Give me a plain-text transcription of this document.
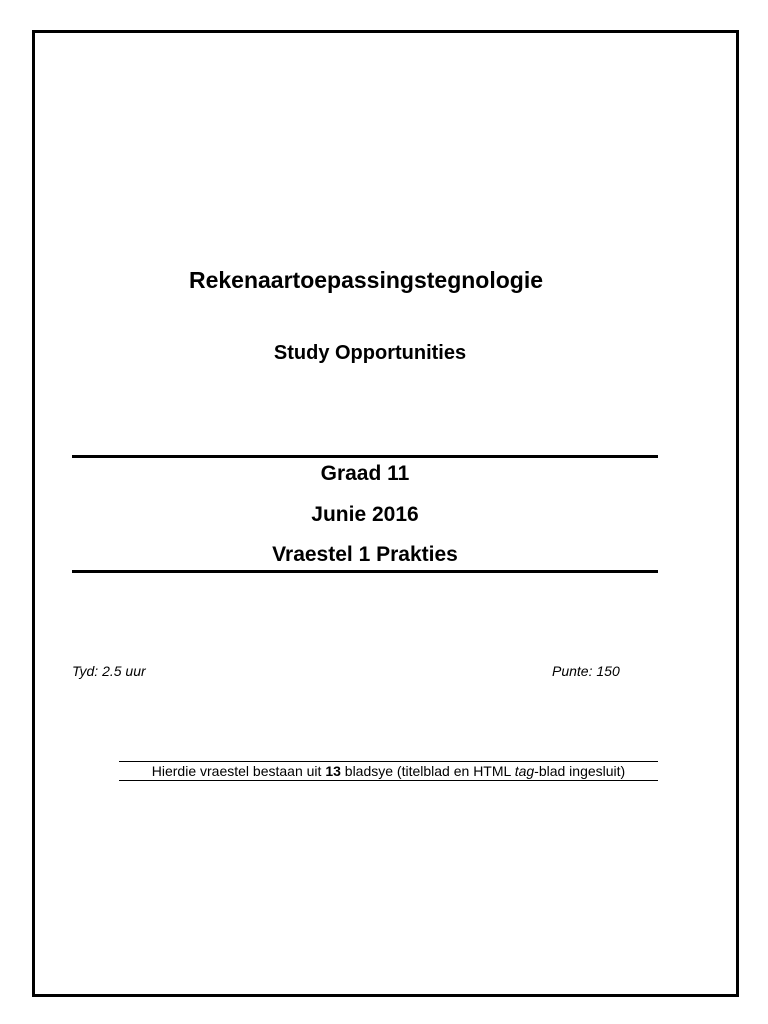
Rekenaartoepassingstegnologie
Study Opportunities
Graad 11
Junie 2016
Vraestel 1 Prakties
Tyd: 2.5 uur	Punte: 150
Hierdie vraestel bestaan uit 13 bladsye (titelblad en HTML tag-blad ingesluit)
